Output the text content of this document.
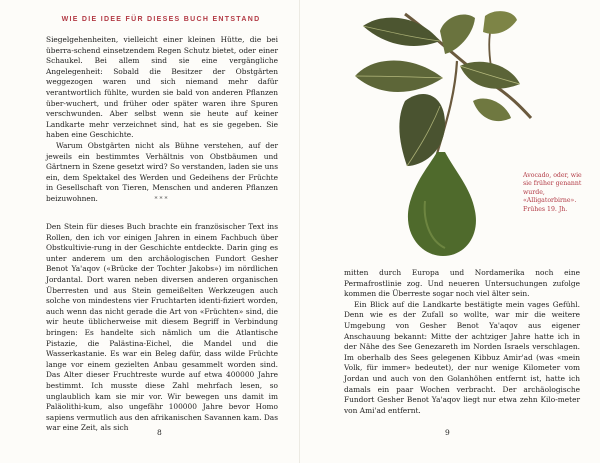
WIE DIE IDEE FÜR DIESES BUCH ENTSTAND

Siegelgehenheiten, vielleicht einer kleinen Hütte, die bei überra-schend einsetzendem Regen Schutz bietet, oder einer Schaukel. Bei allem sind sie eine vergängliche Angelegenheit: Sobald die Besitzer der Obstgärten weggezogen waren und sich niemand mehr dafür verantwortlich fühlte, wurden sie bald von anderen Pflanzen über-wuchert, und früher oder später waren ihre Spuren verschwunden. Aber selbst wenn sie heute auf keiner Landkarte mehr verzeichnet sind, hat es sie gegeben. Sie haben eine Geschichte.

Warum Obstgärten nicht als Bühne verstehen, auf der jeweils ein bestimmtes Verhältnis von Obstbäumen und Gärtnern in Szene gesetzt wird? So verstanden, laden sie uns ein, dem Spektakel des Werden und Gedeihens der Früchte in Gesellschaft von Tieren, Menschen und anderen Pflanzen beizuwohnen.	***

Den Stein für dieses Buch brachte ein französischer Text ins Rollen, den ich vor einigen Jahren in einem Fachbuch über Obstkultivie-rung in der Geschichte entdeckte. Darin ging es unter anderem um den archäologischen Fundort Gesher Benot Ya'aqov («Brücke der Tochter Jakobs») im nördlichen Jordantal. Dort waren neben diversen anderen organischen Überresten und aus Stein gemeißelten Werkzeugen auch solche von mindestens vier Fruchtarten identi-fiziert worden, auch wenn das nicht gerade die Art von «Früchten» sind, die wir heute üblicherweise mit diesem Begriff in Verbindung bringen: Es handelte sich nämlich um die Atlantische Pistazie, die Palästina-Eichel, die Mandel und die Wasserkastanie. Es war ein Beleg dafür, dass wilde Früchte lange vor einem gezielten Anbau gesammelt worden sind. Das Alter dieser Fruchtreste wurde auf etwa 400000 Jahre bestimmt. Ich musste diese Zahl mehrfach lesen, so unglaublich kam sie mir vor. Wir bewegen uns damit im Paläolithi-kum, also ungefähr 100000 Jahre bevor Homo sapiens vermutlich aus den afrikanischen Savannen kam. Das war eine Zeit, als sich

8
Avocado, oder, wie sie früher genannt wurde, «Alligatorbirne». Frühes 19. Jh.

mitten durch Europa und Nordamerika noch eine Permafrostlinie zog. Und neueren Untersuchungen zufolge kommen die Überreste sogar noch viel älter sein.

Ein Blick auf die Landkarte bestätigte mein vages Gefühl. Denn wie es der Zufall so wollte, war mir die weitere Umgebung von Gesher Benot Ya'aqov aus eigener Anschauung bekannt: Mitte der achtziger Jahre hatte ich in der Nähe des See Genezareth im Norden Israels verschlagen. Im oberhalb des Sees gelegenen Kibbuz Amir'ad (was «mein Volk, für immer» bedeutet), der nur wenige Kilometer vom Jordan und auch von den Golanhöhen entfernt ist, hatte ich damals ein paar Wochen verbracht. Der archäologische Fundort Gesher Benot Ya'aqov liegt nur etwa zehn Kilo-meter von Ami'ad entfernt.

9
